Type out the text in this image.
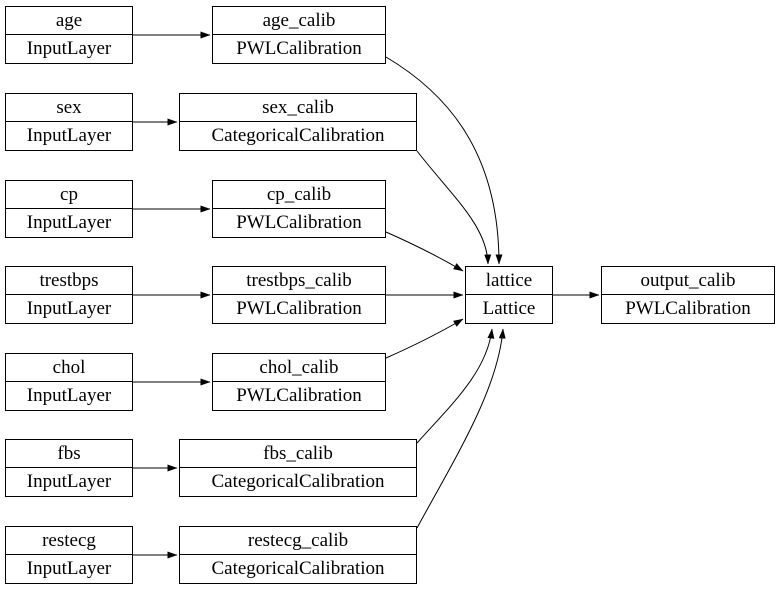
age
InputLayer
age_calib
PWLCalibration
sex
InputLayer
sex_calib
CategoricalCalibration
cp
InputLayer
cp_calib
PWLCalibration
trestbps
InputLayer
trestbps_calib
PWLCalibration
chol
InputLayer
chol_calib
PWLCalibration
fbs
InputLayer
fbs_calib
CategoricalCalibration
restecg
InputLayer
restecg_calib
CategoricalCalibration
lattice
Lattice
output_calib
PWLCalibration
